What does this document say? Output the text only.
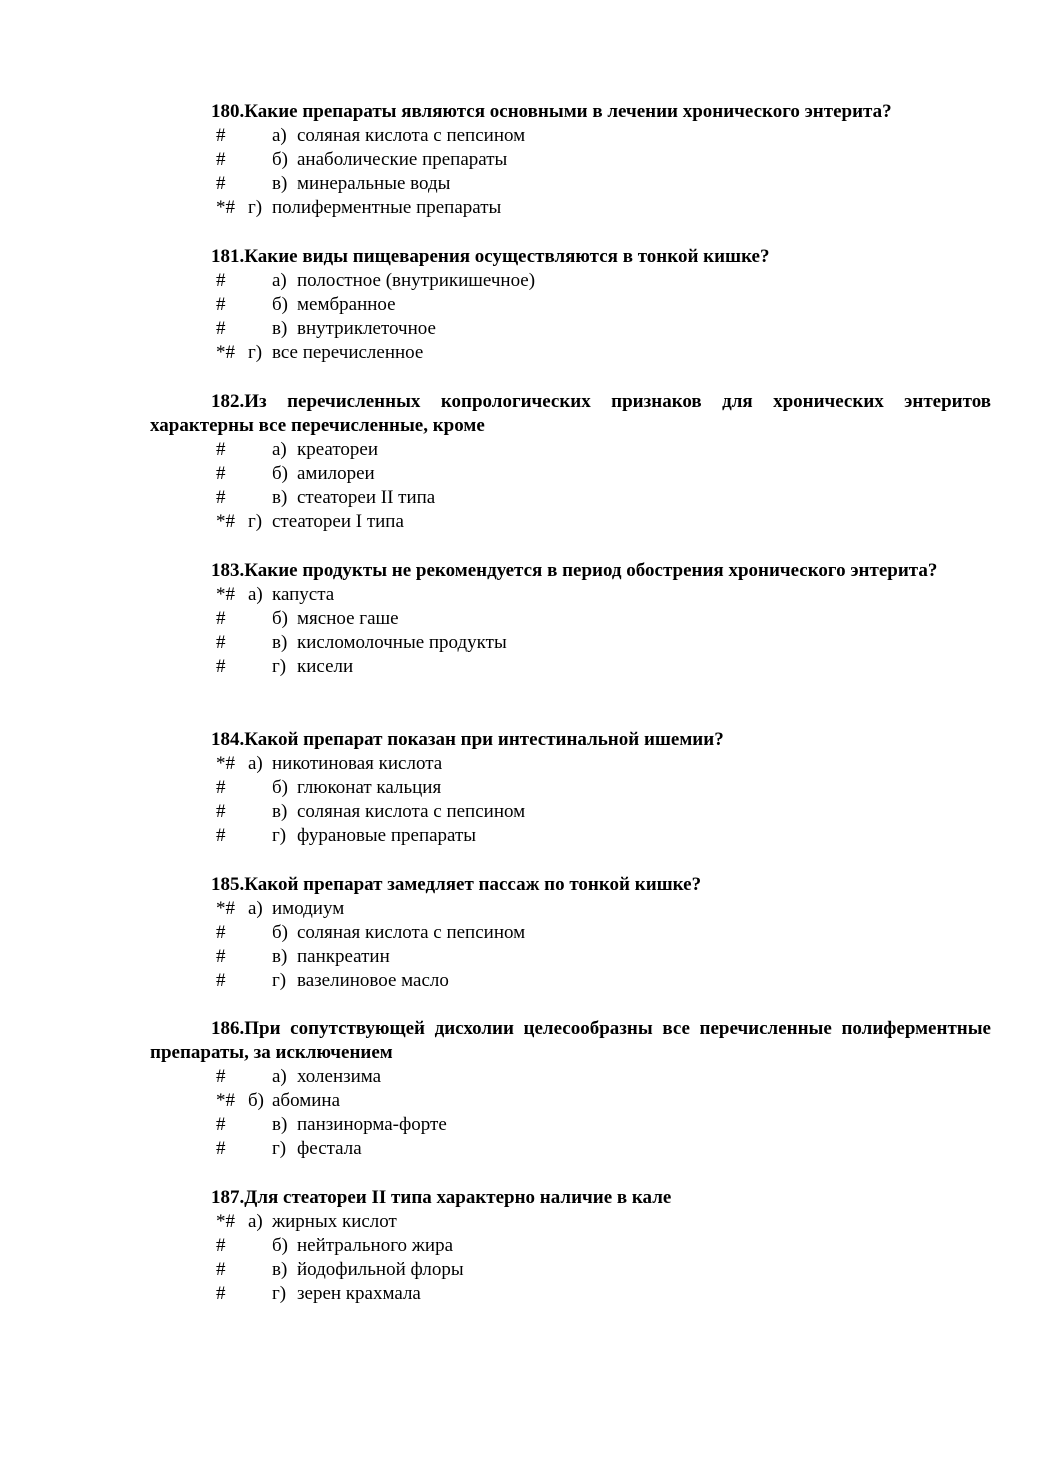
180.Какие препараты являются основными в лечении хронического энтерита?

# а) соляная кислота с пепсином
# б) анаболические препараты
# в) минеральные воды
*# г) полиферментные препараты

181.Какие виды пищеварения осуществляются в тонкой кишке?

# а) полостное (внутрикишечное)
# б) мембранное
# в) внутриклеточное
*# г) все перечисленное

182.Из перечисленных копрологических признаков для хронических энтеритов характерны все перечисленные, кроме

# а) креатореи
# б) амилореи
# в) стеатореи II типа
*# г) стеатореи I типа

183.Какие продукты не рекомендуется в период обострения хронического энтерита?

*# а) капуста
# б) мясное гаше
# в) кисломолочные продукты
# г) кисели

184.Какой препарат показан при интестинальной ишемии?

*# а) никотиновая кислота
# б) глюконат кальция
# в) соляная кислота с пепсином
# г) фурановые препараты

185.Какой препарат замедляет пассаж по тонкой кишке?

*# а) имодиум
# б) соляная кислота с пепсином
# в) панкреатин
# г) вазелиновое масло

186.При сопутствующей дисхолии целесообразны все перечисленные полиферментные препараты, за исключением

# а) холензима
*# б) абомина
# в) панзинорма-форте
# г) фестала

187.Для стеатореи II типа характерно наличие в кале

*# а) жирных кислот
# б) нейтрального жира
# в) йодофильной флоры
# г) зерен крахмала
